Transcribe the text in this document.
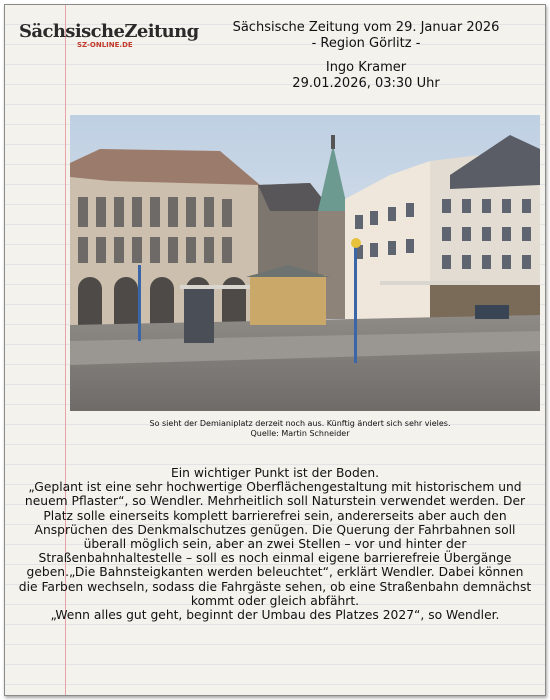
SächsischeZeitung
SZ-ONLINE.DE
Sächsische Zeitung vom 29. Januar 2026
- Region Görlitz -
Ingo Kramer
29.01.2026, 03:30 Uhr
So sieht der Demianiplatz derzeit noch aus. Künftig ändert sich sehr vieles.
Quelle: Martin Schneider

Ein wichtiger Punkt ist der Boden.

„Geplant ist eine sehr hochwertige Oberflächengestaltung mit historischem und neuem Pflaster“, so Wendler. Mehrheitlich soll Naturstein verwendet werden. Der Platz solle einerseits komplett barrierefrei sein, andererseits aber auch den Ansprüchen des Denkmalschutzes genügen. Die Querung der Fahrbahnen soll überall möglich sein, aber an zwei Stellen – vor und hinter der Straßenbahnhaltestelle – soll es noch einmal eigene barrierefreie Übergänge geben.„Die Bahnsteigkanten werden beleuchtet“, erklärt Wendler. Dabei können die Farben wechseln, sodass die Fahrgäste sehen, ob eine Straßenbahn demnächst kommt oder gleich abfährt.

„Wenn alles gut geht, beginnt der Umbau des Platzes 2027“, so Wendler.
